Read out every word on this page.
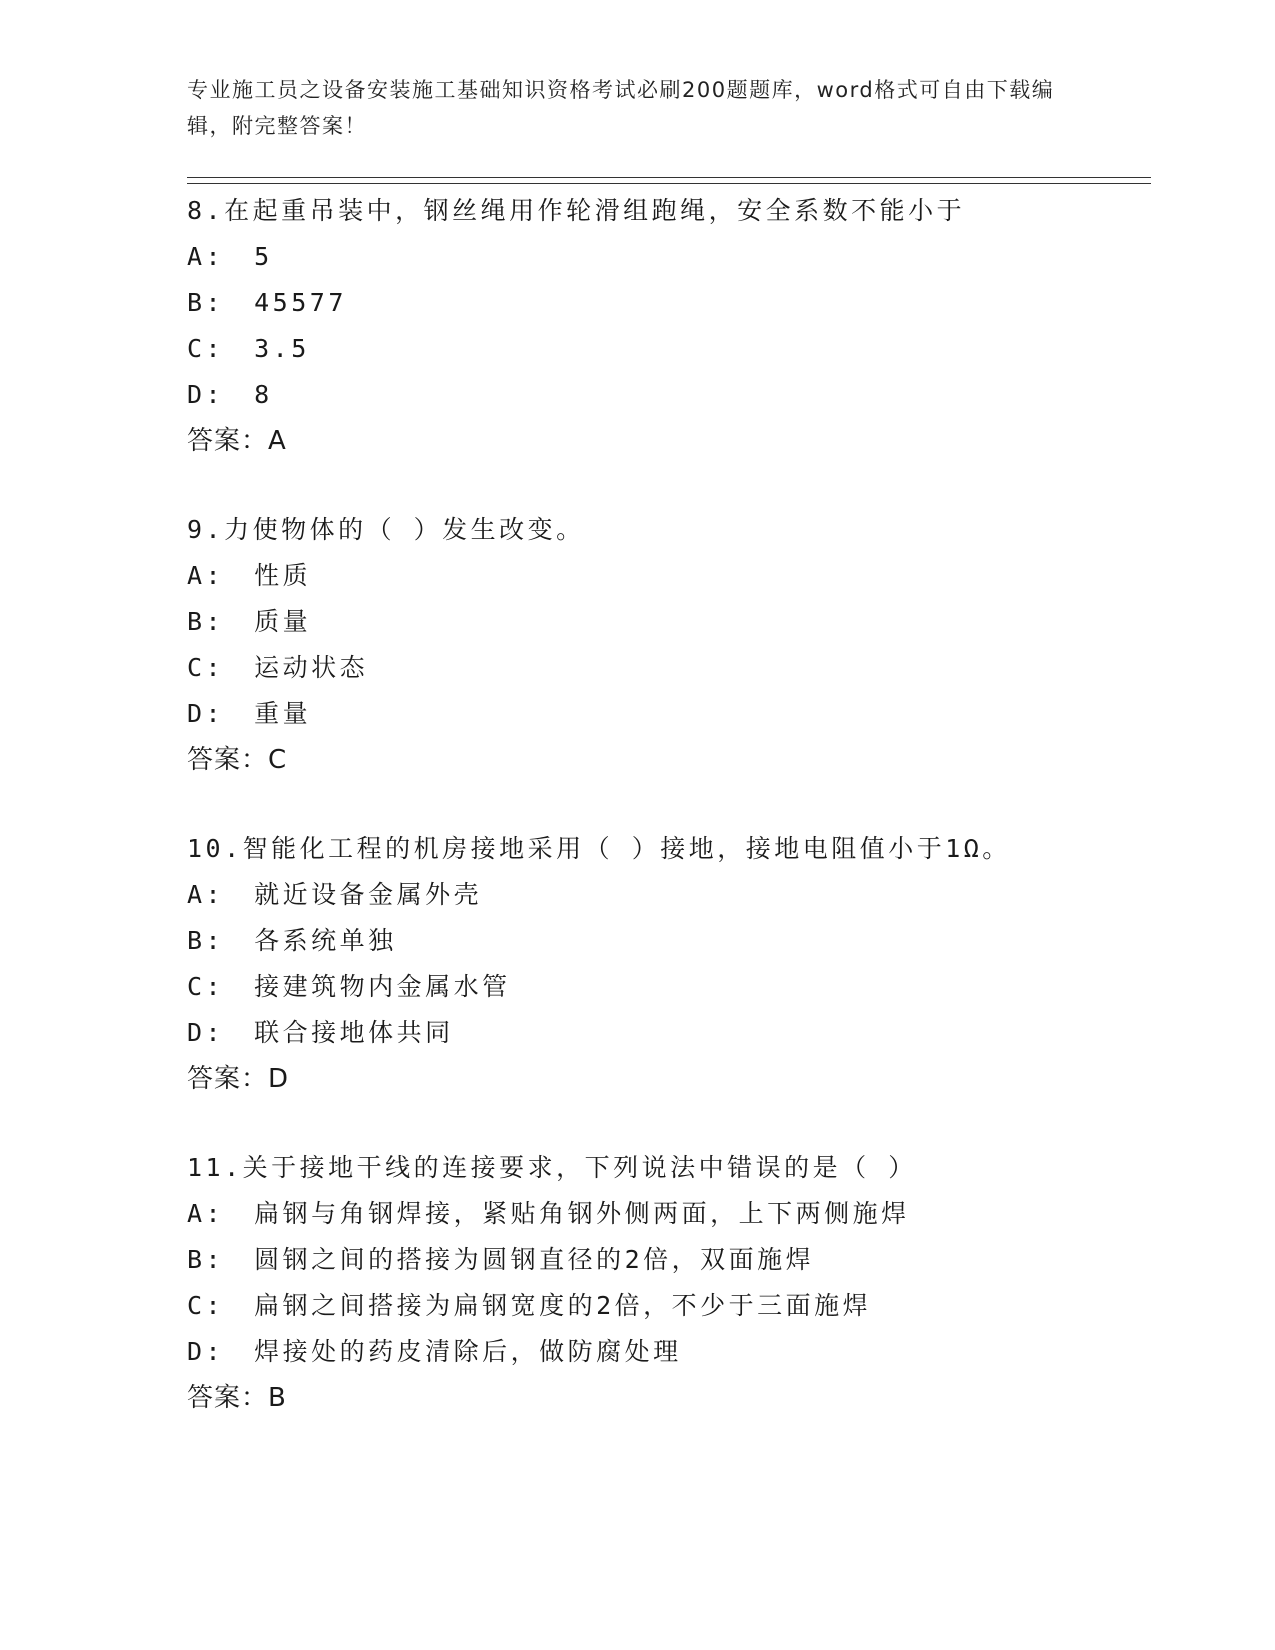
专业施工员之设备安装施工基础知识资格考试必刷200题题库，word格式可自由下载编辑，附完整答案！
8.在起重吊装中，钢丝绳用作轮滑组跑绳，安全系数不能小于
A: 5
B: 45577
C: 3.5
D: 8
答案：A
9.力使物体的（ ）发生改变。
A: 性质
B: 质量
C: 运动状态
D: 重量
答案：C
10.智能化工程的机房接地采用（ ）接地，接地电阻值小于1Ω。
A: 就近设备金属外壳
B: 各系统单独
C: 接建筑物内金属水管
D: 联合接地体共同
答案：D
11.关于接地干线的连接要求，下列说法中错误的是（ ）
A: 扁钢与角钢焊接，紧贴角钢外侧两面，上下两侧施焊
B: 圆钢之间的搭接为圆钢直径的2倍，双面施焊
C: 扁钢之间搭接为扁钢宽度的2倍，不少于三面施焊
D: 焊接处的药皮清除后，做防腐处理
答案：B
